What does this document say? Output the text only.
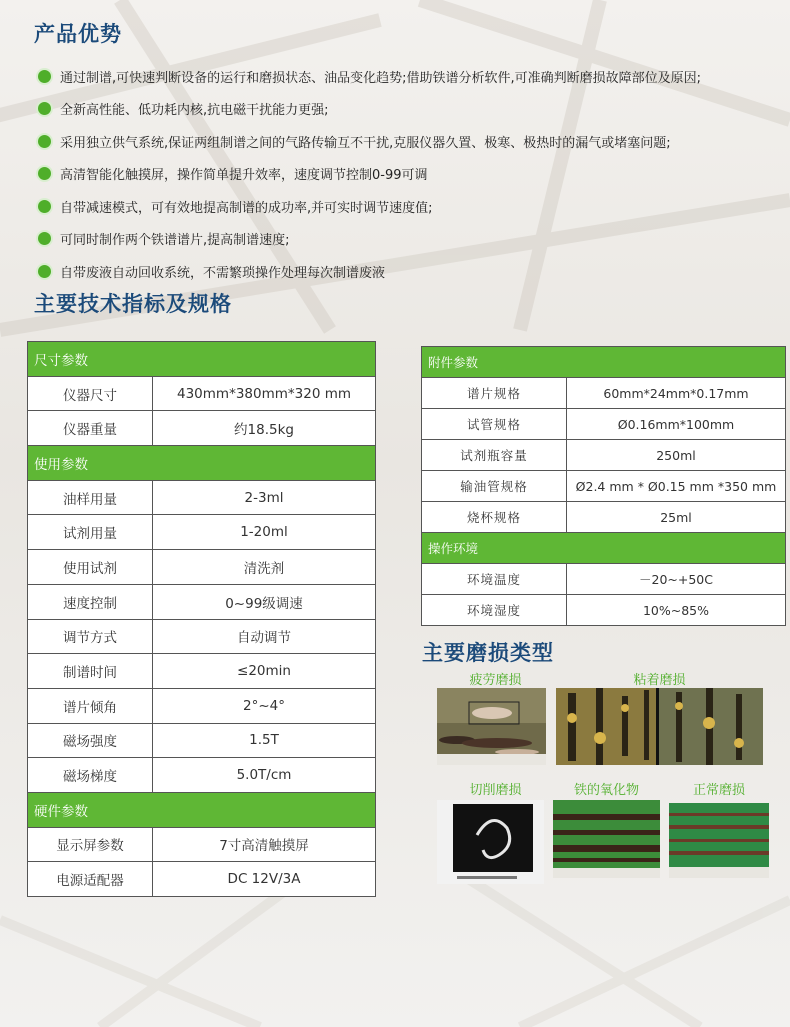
产品优势
通过制谱,可快速判断设备的运行和磨损状态、油品变化趋势;借助铁谱分析软件,可准确判断磨损故障部位及原因;
全新高性能、低功耗内核,抗电磁干扰能力更强;
采用独立供气系统,保证两组制谱之间的气路传输互不干扰,克服仪器久置、极寒、极热时的漏气或堵塞问题;
高清智能化触摸屏，操作简单提升效率，速度调节控制0-99可调
自带减速模式，可有效地提高制谱的成功率,并可实时调节速度值;
可同时制作两个铁谱谱片,提高制谱速度;
自带废液自动回收系统，不需繁琐操作处理每次制谱废液
主要技术指标及规格
尺寸参数	
仪器尺寸	430mm*380mm*320 mm
仪器重量	约18.5kg
使用参数	
油样用量	2-3ml
试剂用量	1-20ml
使用试剂	清洗剂
速度控制	0~99级调速
调节方式	自动调节
制谱时间	≤20min
谱片倾角	2°~4°
磁场强度	1.5T
磁场梯度	5.0T/cm
硬件参数	
显示屏参数	7寸高清触摸屏
电源适配器	DC 12V/3A
附件参数	
谱片规格	60mm*24mm*0.17mm
试管规格	Ø0.16mm*100mm
试剂瓶容量	250ml
输油管规格	Ø2.4 mm * Ø0.15 mm *350 mm
烧杯规格	25ml
操作环境	
环境温度	－20~+50C
环境湿度	10%~85%
主要磨损类型
疲劳磨损	粘着磨损
切削磨损	铁的氧化物	正常磨损
